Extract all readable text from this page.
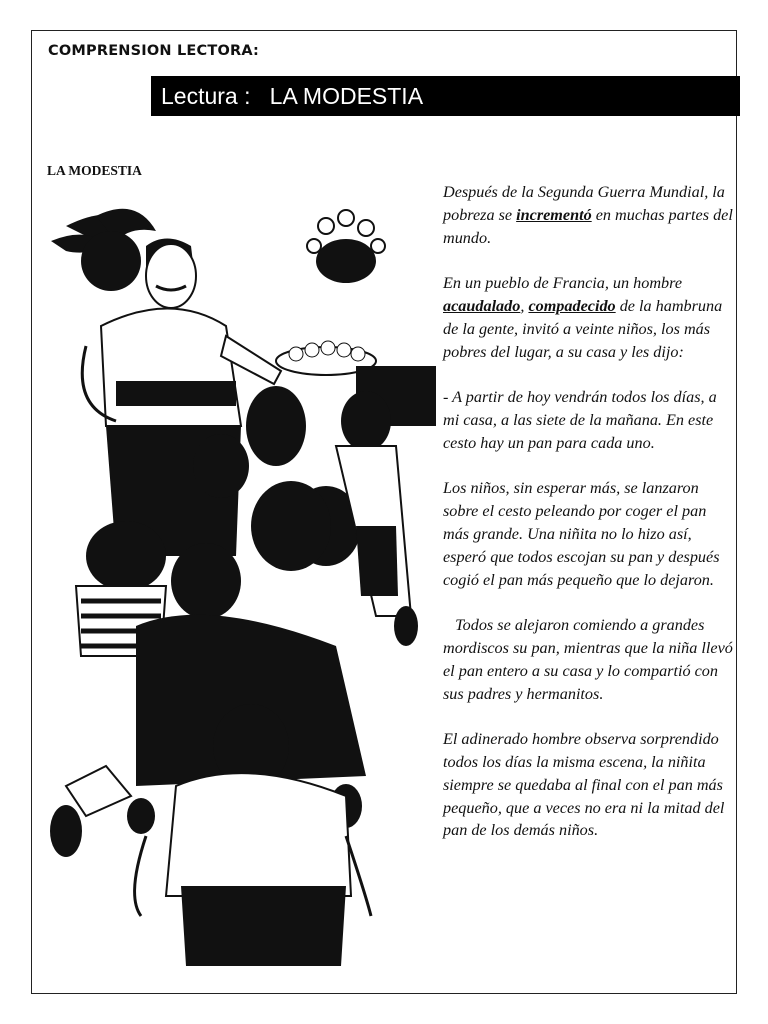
COMPRENSION LECTORA:
Lectura :   LA MODESTIA
LA MODESTIA

Después de la Segunda Guerra Mundial, la pobreza se incrementó en muchas partes del mundo.

En un pueblo de Francia, un hombre acaudalado, compadecido de la hambruna de la gente, invitó a veinte niños, los más pobres del lugar, a su casa y les dijo:

- A partir de hoy vendrán todos los días, a mi casa, a las siete de la mañana. En este cesto hay un pan para cada uno.

Los niños, sin esperar más, se lanzaron sobre el cesto peleando por coger el pan más grande. Una niñita no lo hizo así, esperó que todos escojan su pan y después cogió el pan más pequeño que lo dejaron.

Todos se alejaron comiendo a grandes mordiscos su pan, mientras que la niña llevó el pan entero a su casa y lo compartió con sus padres y hermanitos.

El adinerado hombre observa sorprendido todos los días la misma escena, la niñita siempre se quedaba al final con el pan más pequeño, que a veces no era ni la mitad del pan de los demás niños.
